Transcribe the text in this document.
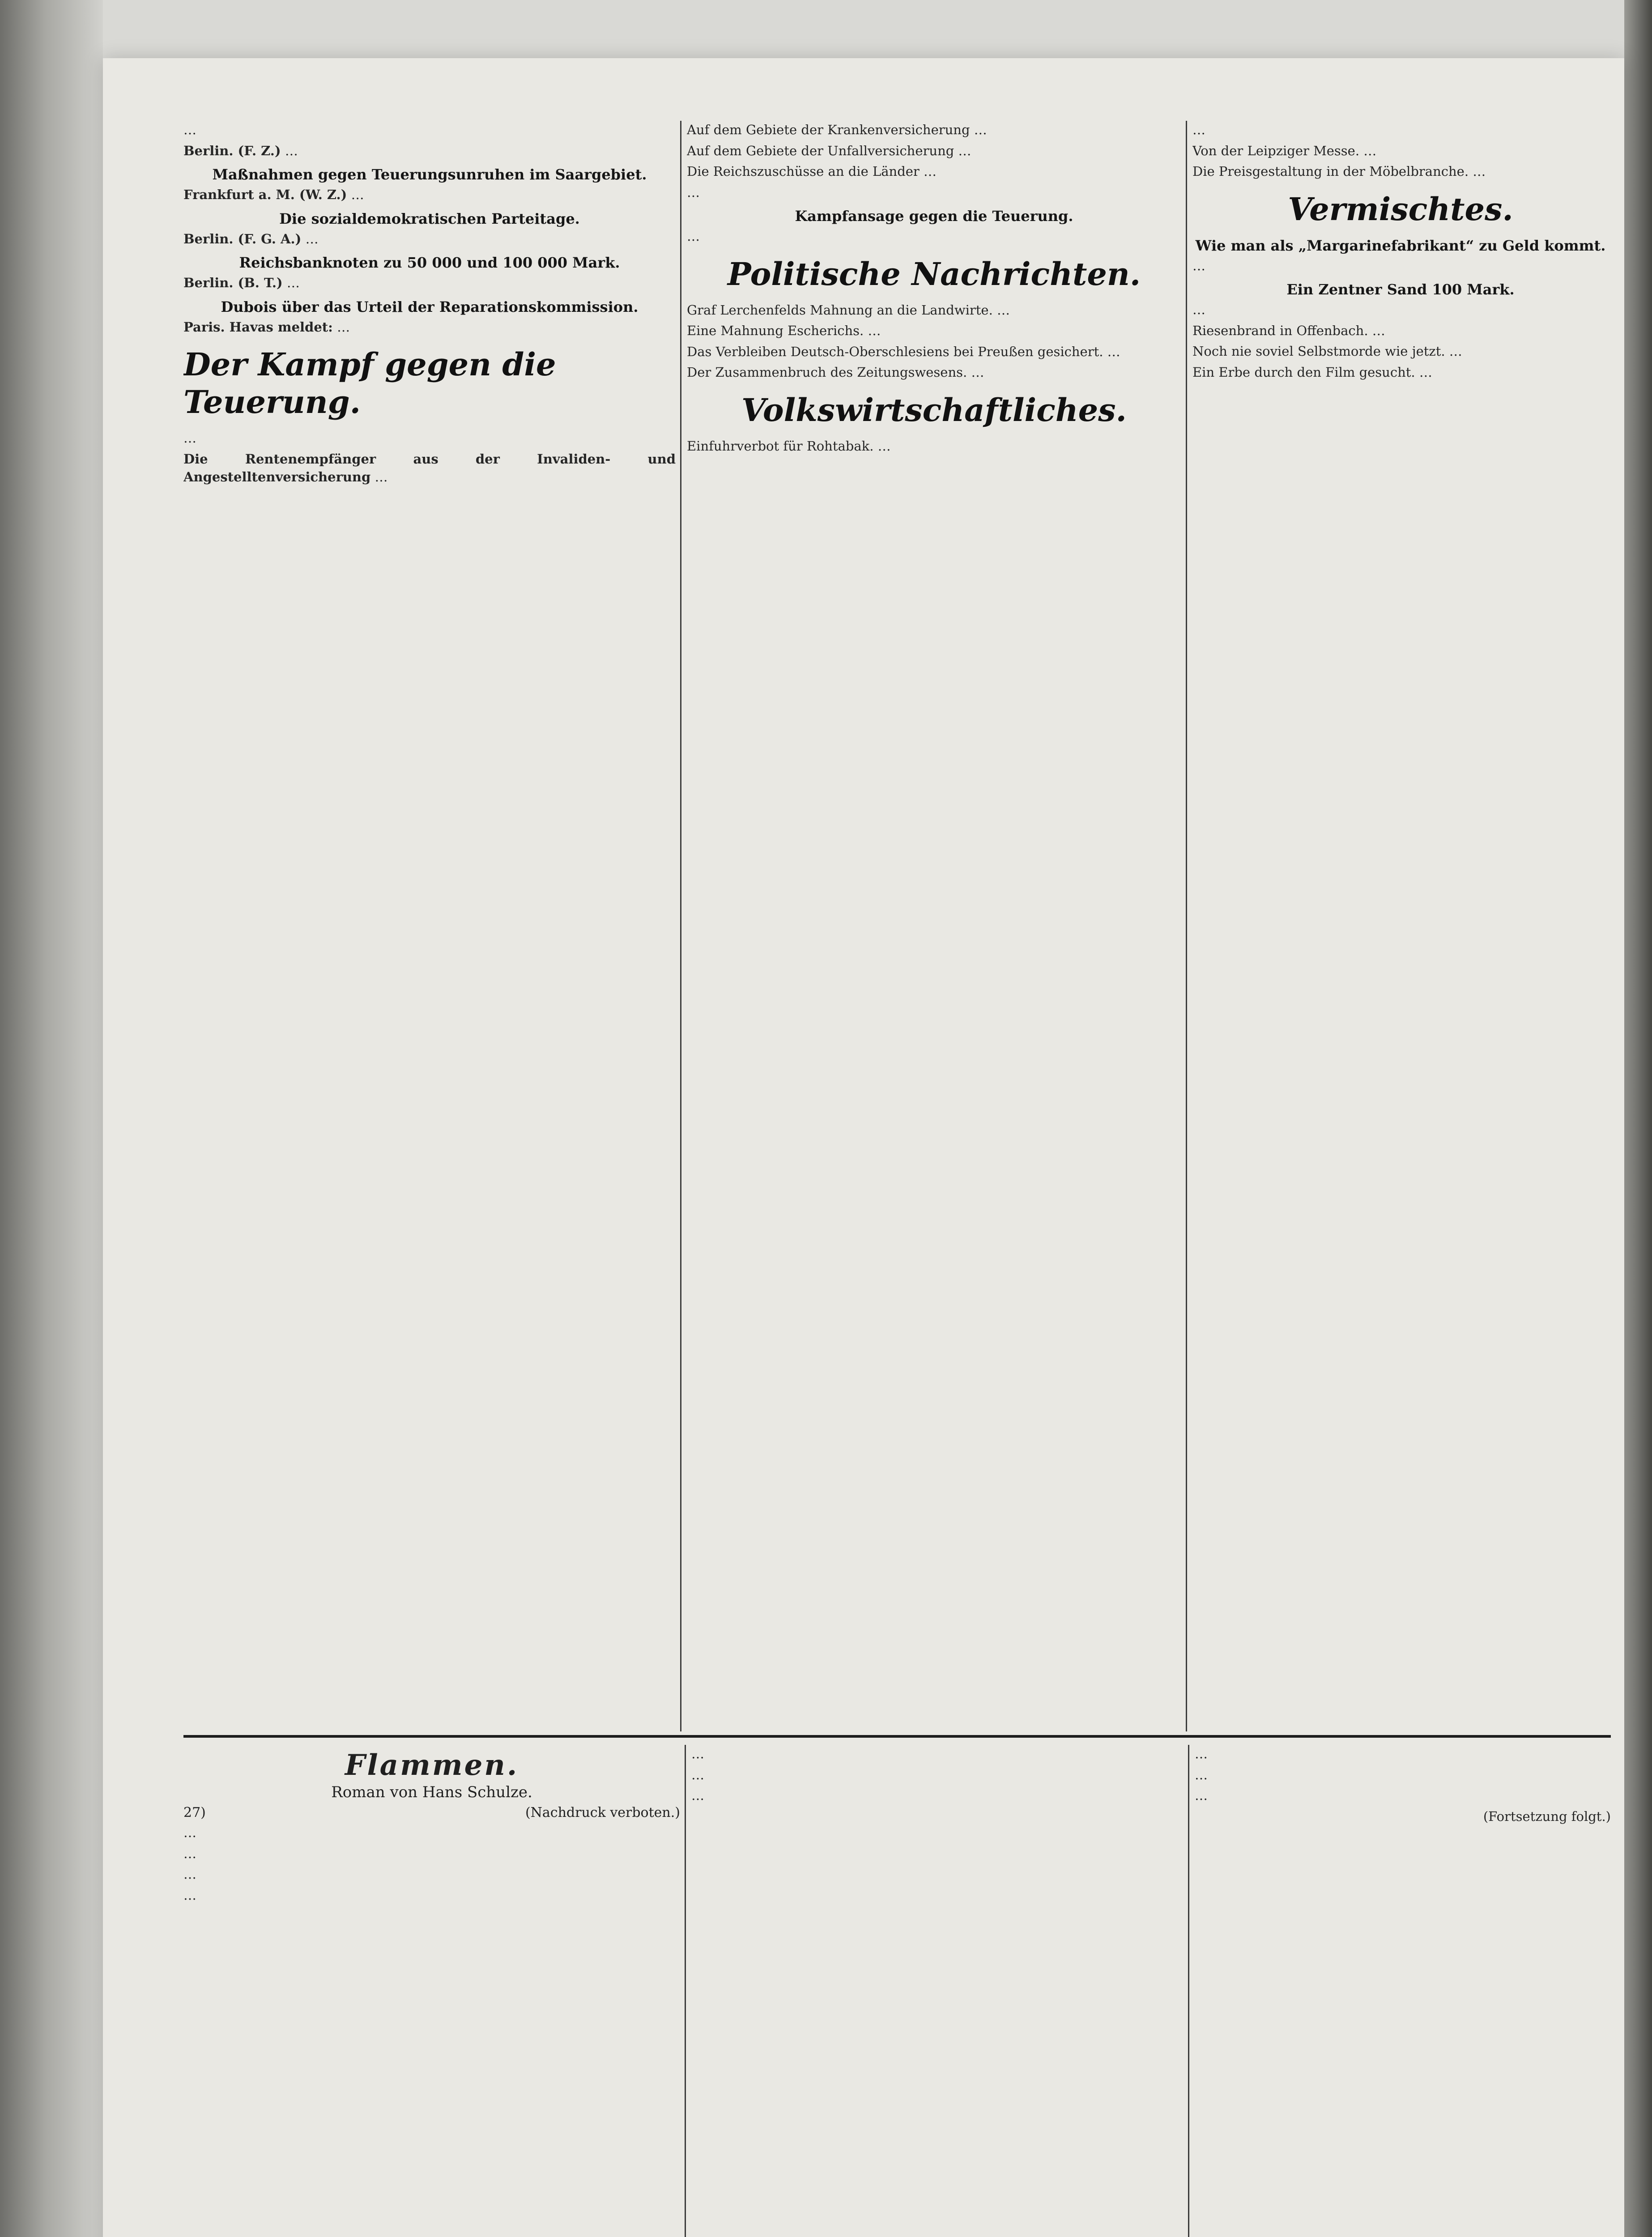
…

Berlin. (F. Z.) …

Maßnahmen gegen Teuerungsunruhen im Saargebiet.

Frankfurt a. M. (W. Z.) …

Die sozialdemokratischen Parteitage.

Berlin. (F. G. A.) …

Reichsbanknoten zu 50 000 und 100 000 Mark.

Berlin. (B. T.) …

Dubois über das Urteil der Reparationskommission.

Paris. Havas meldet: …

Der Kampf gegen die Teuerung.

…

Die Rentenempfänger aus der Invaliden- und Angestelltenversicherung …

Auf dem Gebiete der Krankenversicherung …

Auf dem Gebiete der Unfallversicherung …

Die Reichszuschüsse an die Länder …

…

Kampfansage gegen die Teuerung.

…

Politische Nachrichten.

Graf Lerchenfelds Mahnung an die Landwirte. …

Eine Mahnung Escherichs. …

Das Verbleiben Deutsch-Oberschlesiens bei Preußen gesichert. …

Der Zusammenbruch des Zeitungswesens. …

Volkswirtschaftliches.

Einfuhrverbot für Rohtabak. …

…

Von der Leipziger Messe. …

Die Preisgestaltung in der Möbelbranche. …

Vermischtes.
Wie man als „Margarinefabrikant“ zu Geld kommt.

…

Ein Zentner Sand 100 Mark.

…

Riesenbrand in Offenbach. …

Noch nie soviel Selbstmorde wie jetzt. …

Ein Erbe durch den Film gesucht. …

Flammen.
Roman von Hans Schulze.
27)	(Nachdruck verboten.)

…

…

…

…

…

…

…

…

…

…

(Fortsetzung folgt.)
